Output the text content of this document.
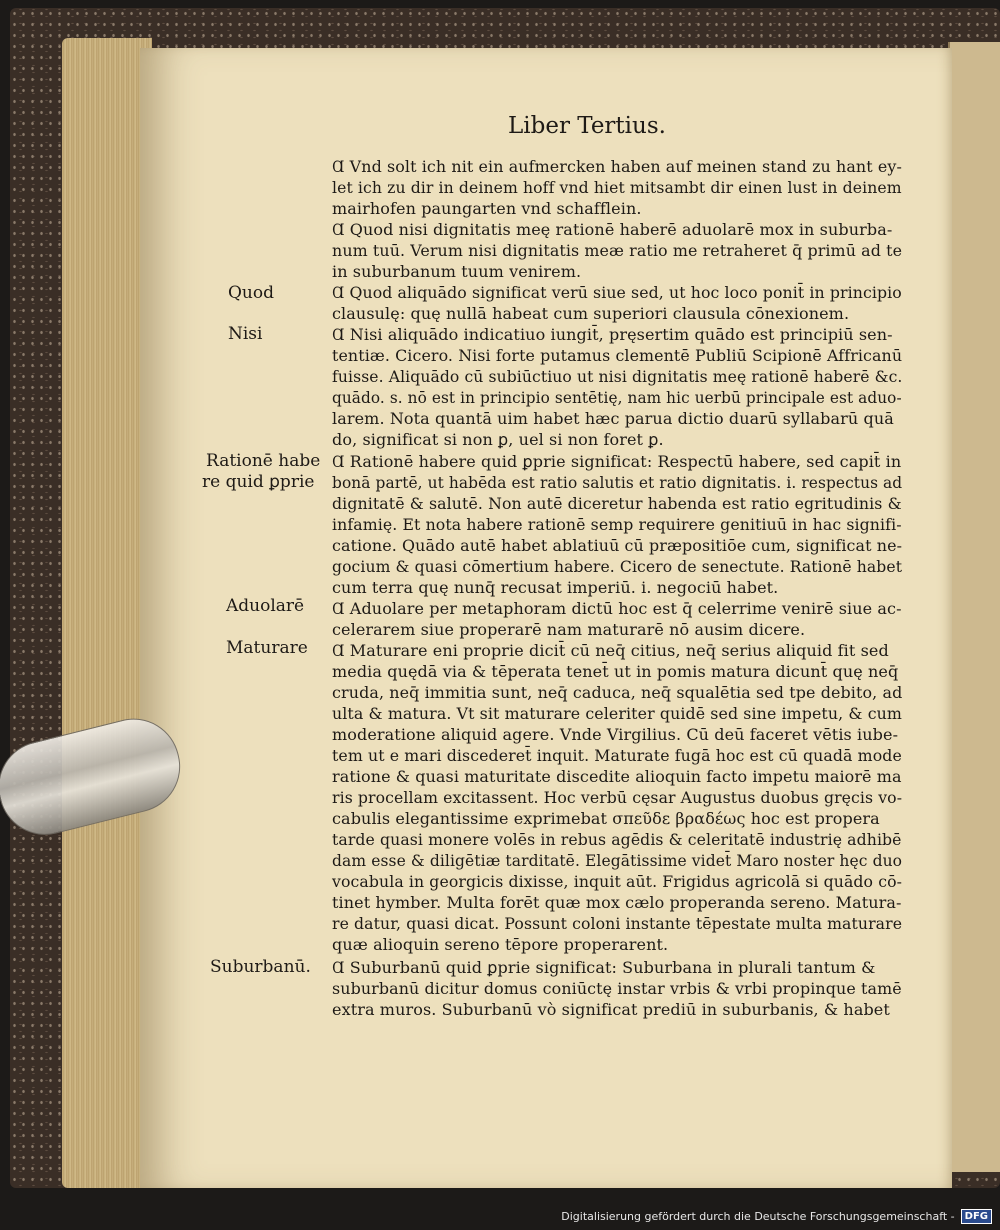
Liber Tertius.
Quod
Nisi
Rationē habe
re quid ꝑprie
Aduolarē
Maturare
Suburbanū.
Ɑ Vnd solt ich nit ein aufmercken haben auf meinen stand zu hant ey-
let ich zu dir in deinem hoff vnd hiet mitsambt dir einen lust in deinem
mairhofen paungarten vnd schafflein.
Ɑ Quod nisi dignitatis meę rationē haberē aduolarē mox in suburba-
num tuū. Verum nisi dignitatis meæ ratio me retraheret q̄ primū ad te
in suburbanum tuum venirem.
Ɑ Quod aliquādo significat verū siue sed, ut hoc loco ponit̄ in principio
clausulę: quę nullā habeat cum superiori clausula cōnexionem.
Ɑ Nisi aliquādo indicatiuo iungit̄, pręsertim quādo est principiū sen-
tentiæ. Cicero. Nisi forte putamus clementē Publiū Scipionē Affricanū
fuisse. Aliquādo cū subiūctiuo ut nisi dignitatis meę rationē haberē &c.
quādo. s. nō est in principio sentētię, nam hic uerbū principale est aduo-
larem. Nota quantā uim habet hæc parua dictio duarū syllabarū quā
do, significat si non ꝑ, uel si non foret ꝑ.
Ɑ Rationē habere quid ꝑprie significat: Respectū habere, sed capit̄ in
bonā partē, ut habēda est ratio salutis et ratio dignitatis. i. respectus ad
dignitatē & salutē. Non autē diceretur habenda est ratio egritudinis &
infamię. Et nota habere rationē semp requirere genitiuū in hac signifi-
catione. Quādo autē habet ablatiuū cū præpositiōe cum, significat ne-
gocium & quasi cōmertium habere. Cicero de senectute. Rationē habet
cum terra quę nunq̄ recusat imperiū. i. negociū habet.
Ɑ Aduolare per metaphoram dictū hoc est q̄ celerrime venirē siue ac-
celerarem siue properarē nam maturarē nō ausim dicere.
Ɑ Maturare eni proprie dicit̄ cū neq̄ citius, neq̄ serius aliquid fit sed
media quędā via & tēperata tenet̄ ut in pomis matura dicunt̄ quę neq̄
cruda, neq̄ immitia sunt, neq̄ caduca, neq̄ squalētia sed tpe debito, ad
ulta & matura. Vt sit maturare celeriter quidē sed sine impetu, & cum
moderatione aliquid agere. Vnde Virgilius. Cū deū faceret vētis iube-
tem ut e mari discederet̄ inquit. Maturate fugā hoc est cū quadā mode
ratione & quasi maturitate discedite alioquin facto impetu maiorē ma
ris procellam excitassent. Hoc verbū cęsar Augustus duobus gręcis vo-
cabulis elegantissime exprimebat σπεῦδε βραδέως hoc est propera
tarde quasi monere volēs in rebus agēdis & celeritatē industrię adhibē
dam esse & diligētiæ tarditatē. Elegātissime videt̄ Maro noster hęc duo
vocabula in georgicis dixisse, inquit aūt. Frigidus agricolā si quādo cō-
tinet hymber. Multa forēt quæ mox cælo properanda sereno. Matura-
re datur, quasi dicat. Possunt coloni instante tēpestate multa maturare
quæ alioquin sereno tēpore properarent.
Ɑ Suburbanū quid ꝑprie significat: Suburbana in plurali tantum &
suburbanū dicitur domus coniūctę instar vrbis & vrbi propinque tamē
extra muros. Suburbanū vò significat prediū in suburbanis, & habet
Digitalisierung gefördert durch die Deutsche Forschungsgemeinschaft -	DFG
